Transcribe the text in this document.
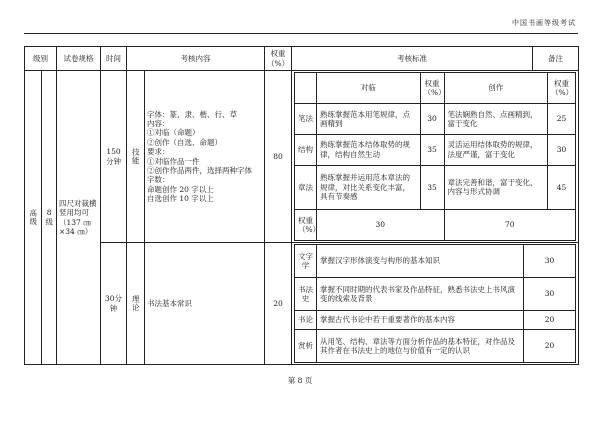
中国书画等级考试
级别	试卷规格	时间	考核内容	权重（%）	考核标准	备注
高级	8级	四尺对裁横竖用均可（137 ㎝×34 ㎝）	150分钟	技能	字体：篆、隶、楷、行、草
内容：
①对临（命题）
②创作（自选、命题）
要求：
①对临作品一件
②创作作品两件，选择两种字体
字数：
命题创作 20 字以上
自选创作 10 字以上	80	
	对临	权重（%）	创作	权重（%）
笔法	熟练掌握范本用笔规律，点画精到	30	笔法娴熟自然、点画精到，富于变化	25
结构	熟练掌握范本结体取势的规律，结构自然生动	35	灵活运用结体取势的规律，法度严谨，富于变化	30
章法	熟练掌握并运用范本章法的规律，对比关系变化丰富，具有节奏感	35	章法完善和谐，富于变化，内容与形式协调	45
权重（%）	30	70

30分钟	理论	书法基本常识	20	
文字学	掌握汉字形体演变与构形的基本知识	30
书法史	掌握不同时期的代表书家及作品特征，熟悉书法史上书风演变的线索及背景	30
书论	掌握古代书论中若干重要著作的基本内容	20
赏析	从用笔、结构、章法等方面分析作品的基本特征，对作品及其作者在书法史上的地位与价值有一定的认识	20
第 8 页
